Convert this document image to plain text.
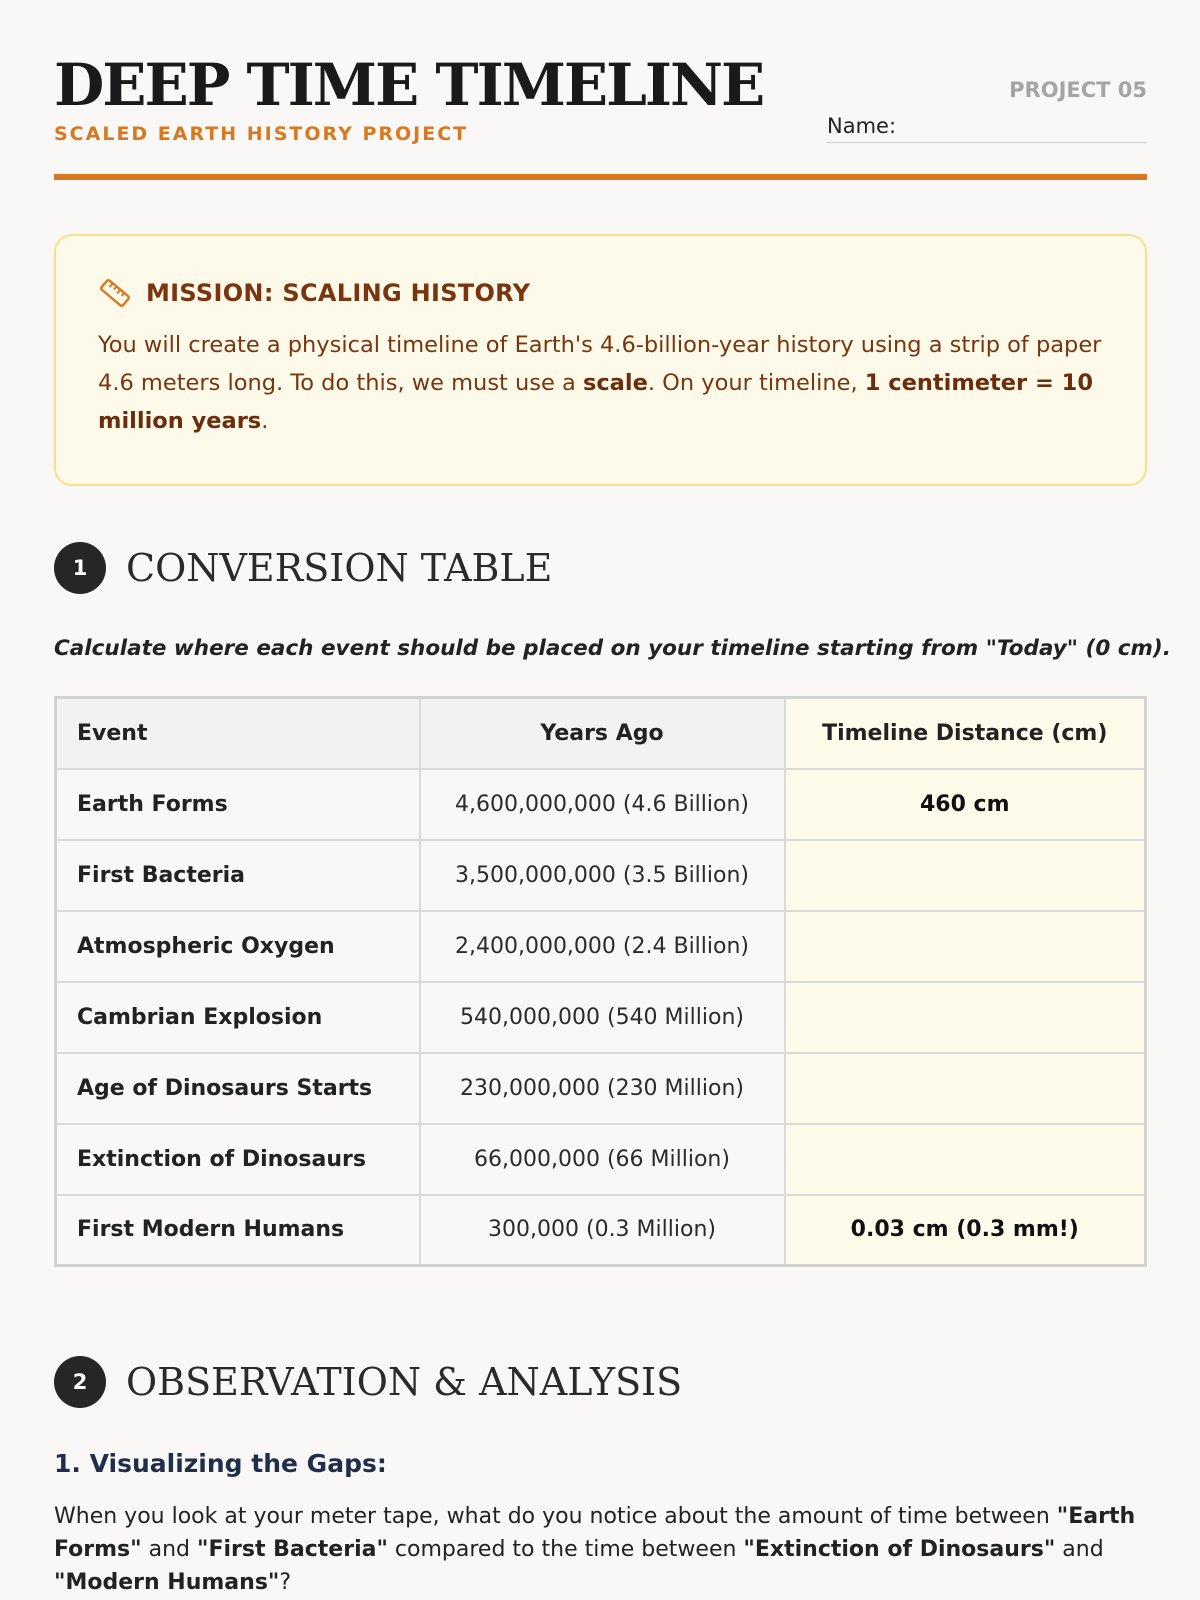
DEEP TIME TIMELINE
SCALED EARTH HISTORY PROJECT
PROJECT 05
Name:
MISSION: SCALING HISTORY
You will create a physical timeline of Earth's 4.6-billion-year history using a strip of paper 4.6 meters long. To do this, we must use a scale. On your timeline, 1 centimeter = 10 million years.
1	CONVERSION TABLE
Calculate where each event should be placed on your timeline starting from "Today" (0 cm).
Event	Years Ago	Timeline Distance (cm)
Earth Forms	4,600,000,000 (4.6 Billion)	460 cm
First Bacteria	3,500,000,000 (3.5 Billion)	
Atmospheric Oxygen	2,400,000,000 (2.4 Billion)	
Cambrian Explosion	540,000,000 (540 Million)	
Age of Dinosaurs Starts	230,000,000 (230 Million)	
Extinction of Dinosaurs	66,000,000 (66 Million)	
First Modern Humans	300,000 (0.3 Million)	0.03 cm (0.3 mm!)
2	OBSERVATION & ANALYSIS
1. Visualizing the Gaps:
When you look at your meter tape, what do you notice about the amount of time between "Earth Forms" and "First Bacteria" compared to the time between "Extinction of Dinosaurs" and "Modern Humans"?
